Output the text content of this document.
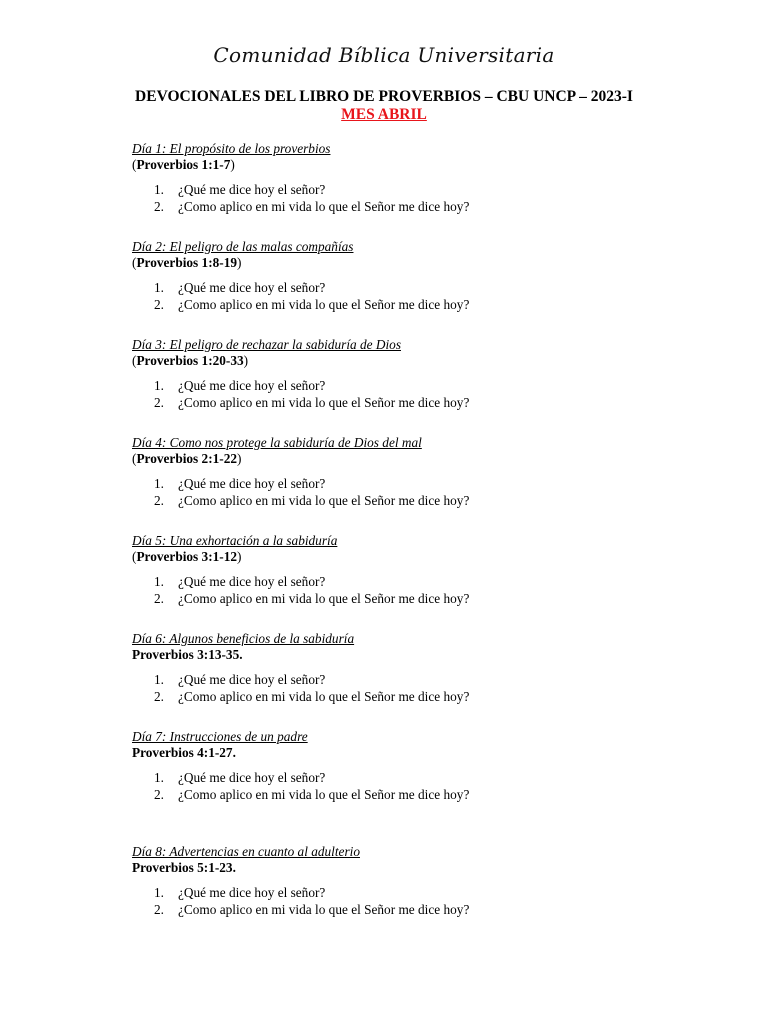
Comunidad Bíblica Universitaria
DEVOCIONALES DEL LIBRO DE PROVERBIOS – CBU UNCP – 2023-I
MES ABRIL
Día 1: El propósito de los proverbios
(Proverbios 1:1-7)
1. ¿Qué me dice hoy el señor?
2. ¿Como aplico en mi vida lo que el Señor me dice hoy?
Día 2: El peligro de las malas compañías
(Proverbios 1:8-19)
1. ¿Qué me dice hoy el señor?
2. ¿Como aplico en mi vida lo que el Señor me dice hoy?
Día 3: El peligro de rechazar la sabiduría de Dios
(Proverbios 1:20-33)
1. ¿Qué me dice hoy el señor?
2. ¿Como aplico en mi vida lo que el Señor me dice hoy?
Día 4: Como nos protege la sabiduría de Dios del mal
(Proverbios 2:1-22)
1. ¿Qué me dice hoy el señor?
2. ¿Como aplico en mi vida lo que el Señor me dice hoy?
Día 5: Una exhortación a la sabiduría
(Proverbios 3:1-12)
1. ¿Qué me dice hoy el señor?
2. ¿Como aplico en mi vida lo que el Señor me dice hoy?
Día 6: Algunos beneficios de la sabiduría
Proverbios 3:13-35.
1. ¿Qué me dice hoy el señor?
2. ¿Como aplico en mi vida lo que el Señor me dice hoy?
Día 7: Instrucciones de un padre
Proverbios 4:1-27.
1. ¿Qué me dice hoy el señor?
2. ¿Como aplico en mi vida lo que el Señor me dice hoy?
Día 8: Advertencias en cuanto al adulterio
Proverbios 5:1-23.
1. ¿Qué me dice hoy el señor?
2. ¿Como aplico en mi vida lo que el Señor me dice hoy?
